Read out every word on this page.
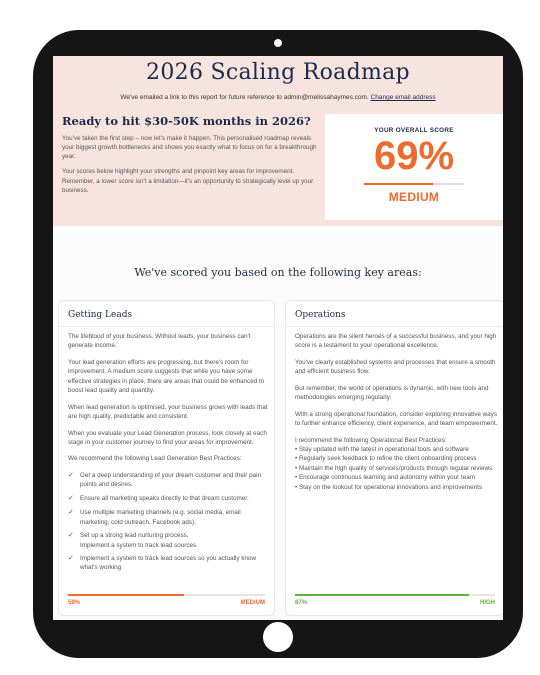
2026 Scaling Roadmap
We've emailed a link to this report for future reference to admin@melissahaymes.com. Change email address
Ready to hit $30-50K months in 2026?
You've taken the first step – now let's make it happen. This personalised roadmap reveals your biggest growth bottlenecks and shows you exactly what to focus on for a breakthrough year.
Your scores below highlight your strengths and pinpoint key areas for improvement. Remember, a lower score isn't a limitation—it's an opportunity to strategically level up your business.
YOUR OVERALL SCORE
69%
MEDIUM
We've scored you based on the following key areas:
Getting Leads
The lifeblood of your business. Without leads, your business can't generate income.
Your lead generation efforts are progressing, but there's room for improvement. A medium score suggests that while you have some effective strategies in place, there are areas that could be enhanced to boost lead quality and quantity.
When lead generation is optimised, your business grows with leads that are high quality, predictable and consistent.
When you evaluate your Lead Generation process, look closely at each stage in your customer journey to find your areas for improvement.
We recommend the following Lead Generation Best Practices:
✓ Get a deep understanding of your dream customer and their pain points and desires.
✓ Ensure all marketing speaks directly to that dream customer.
✓ Use multiple marketing channels (e.g. social media, email marketing, cold outreach, Facebook ads).
✓ Set up a strong lead nurturing process.
Implement a system to track lead sources.
✓ Implement a system to track lead sources so you actually know what's working
59%	MEDIUM
Operations
Operations are the silent heroes of a successful business, and your high score is a testament to your operational excellence.
You've clearly established systems and processes that ensure a smooth and efficient business flow.
But remember, the world of operations is dynamic, with new tools and methodologies emerging regularly.
With a strong operational foundation, consider exploring innovative ways to further enhance efficiency, client experience, and team empowerment.
I recommend the following Operational Best Practices:
• Stay updated with the latest in operational tools and software
• Regularly seek feedback to refine the client onboarding process
• Maintain the high quality of services/products through regular reviews
• Encourage continuous learning and autonomy within your team
• Stay on the lookout for operational innovations and improvements
87%	HIGH
